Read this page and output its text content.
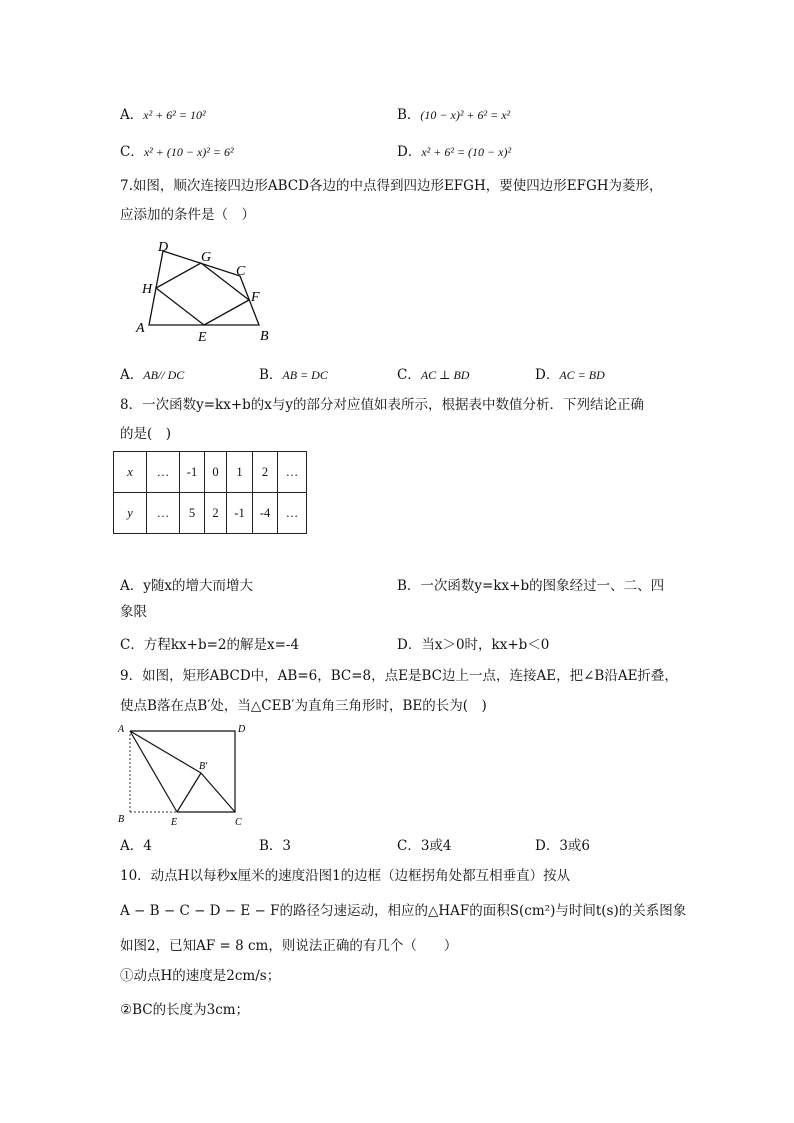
A．x² + 6² = 10²	B．(10 − x)² + 6² = x²
C．x² + (10 − x)² = 6²	D．x² + 6² = (10 − x)²
7.如图，顺次连接四边形ABCD各边的中点得到四边形EFGH，要使四边形EFGH为菱形，
应添加的条件是（　）
A
B
C
D
E
F
G
H
A．AB// DC	B．AB = DC	C．AC ⊥ BD	D．AC = BD
8．一次函数y=kx+b的x与y的部分对应值如表所示，根据表中数值分析．下列结论正确
的是(　)
x	…	-1	0	1	2	…
y	…	5	2	-1	-4	…
A．y随x的增大而增大	B．一次函数y=kx+b的图象经过一、二、四
象限
C．方程kx+b=2的解是x=-4	D．当x＞0时，kx+b＜0
9．如图，矩形ABCD中，AB=6，BC=8，点E是BC边上一点，连接AE，把∠B沿AE折叠，
使点B落在点B′处，当△CEB′为直角三角形时，BE的长为(　)
A	D
B	E	C
B′
A．4	B．3	C．3或4	D．3或6
10．动点H以每秒x厘米的速度沿图1的边框（边框拐角处都互相垂直）按从
A − B − C − D − E − F的路径匀速运动，相应的△HAF的面积S(cm²)与时间t(s)的关系图象
如图2，已知AF = 8 cm，则说法正确的有几个（　　）
①动点H的速度是2cm/s；
②BC的长度为3cm；
